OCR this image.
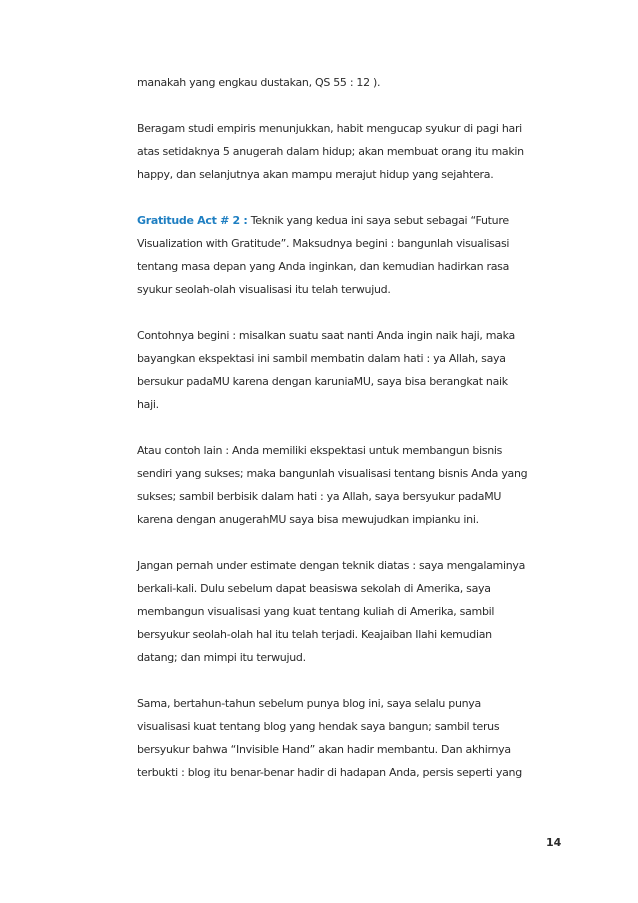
manakah yang engkau dustakan, QS 55 : 12 ).

Beragam studi empiris menunjukkan, habit mengucap syukur di pagi hari
atas setidaknya 5 anugerah dalam hidup; akan membuat orang itu makin
happy, dan selanjutnya akan mampu merajut hidup yang sejahtera.

Gratitude Act # 2 : Teknik yang kedua ini saya sebut sebagai “Future
Visualization with Gratitude”. Maksudnya begini : bangunlah visualisasi
tentang masa depan yang Anda inginkan, dan kemudian hadirkan rasa
syukur seolah-olah visualisasi itu telah terwujud.

Contohnya begini : misalkan suatu saat nanti Anda ingin naik haji, maka
bayangkan ekspektasi ini sambil membatin dalam hati : ya Allah, saya
bersukur padaMU karena dengan karuniaMU, saya bisa berangkat naik
haji.

Atau contoh lain : Anda memiliki ekspektasi untuk membangun bisnis
sendiri yang sukses; maka bangunlah visualisasi tentang bisnis Anda yang
sukses; sambil berbisik dalam hati : ya Allah, saya bersyukur padaMU
karena dengan anugerahMU saya bisa mewujudkan impianku ini.

Jangan pernah under estimate dengan teknik diatas : saya mengalaminya
berkali-kali. Dulu sebelum dapat beasiswa sekolah di Amerika, saya
membangun visualisasi yang kuat tentang kuliah di Amerika, sambil
bersyukur seolah-olah hal itu telah terjadi. Keajaiban Ilahi kemudian
datang; dan mimpi itu terwujud.

Sama, bertahun-tahun sebelum punya blog ini, saya selalu punya
visualisasi kuat tentang blog yang hendak saya bangun; sambil terus
bersyukur bahwa “Invisible Hand” akan hadir membantu. Dan akhirnya
terbukti : blog itu benar-benar hadir di hadapan Anda, persis seperti yang

14
